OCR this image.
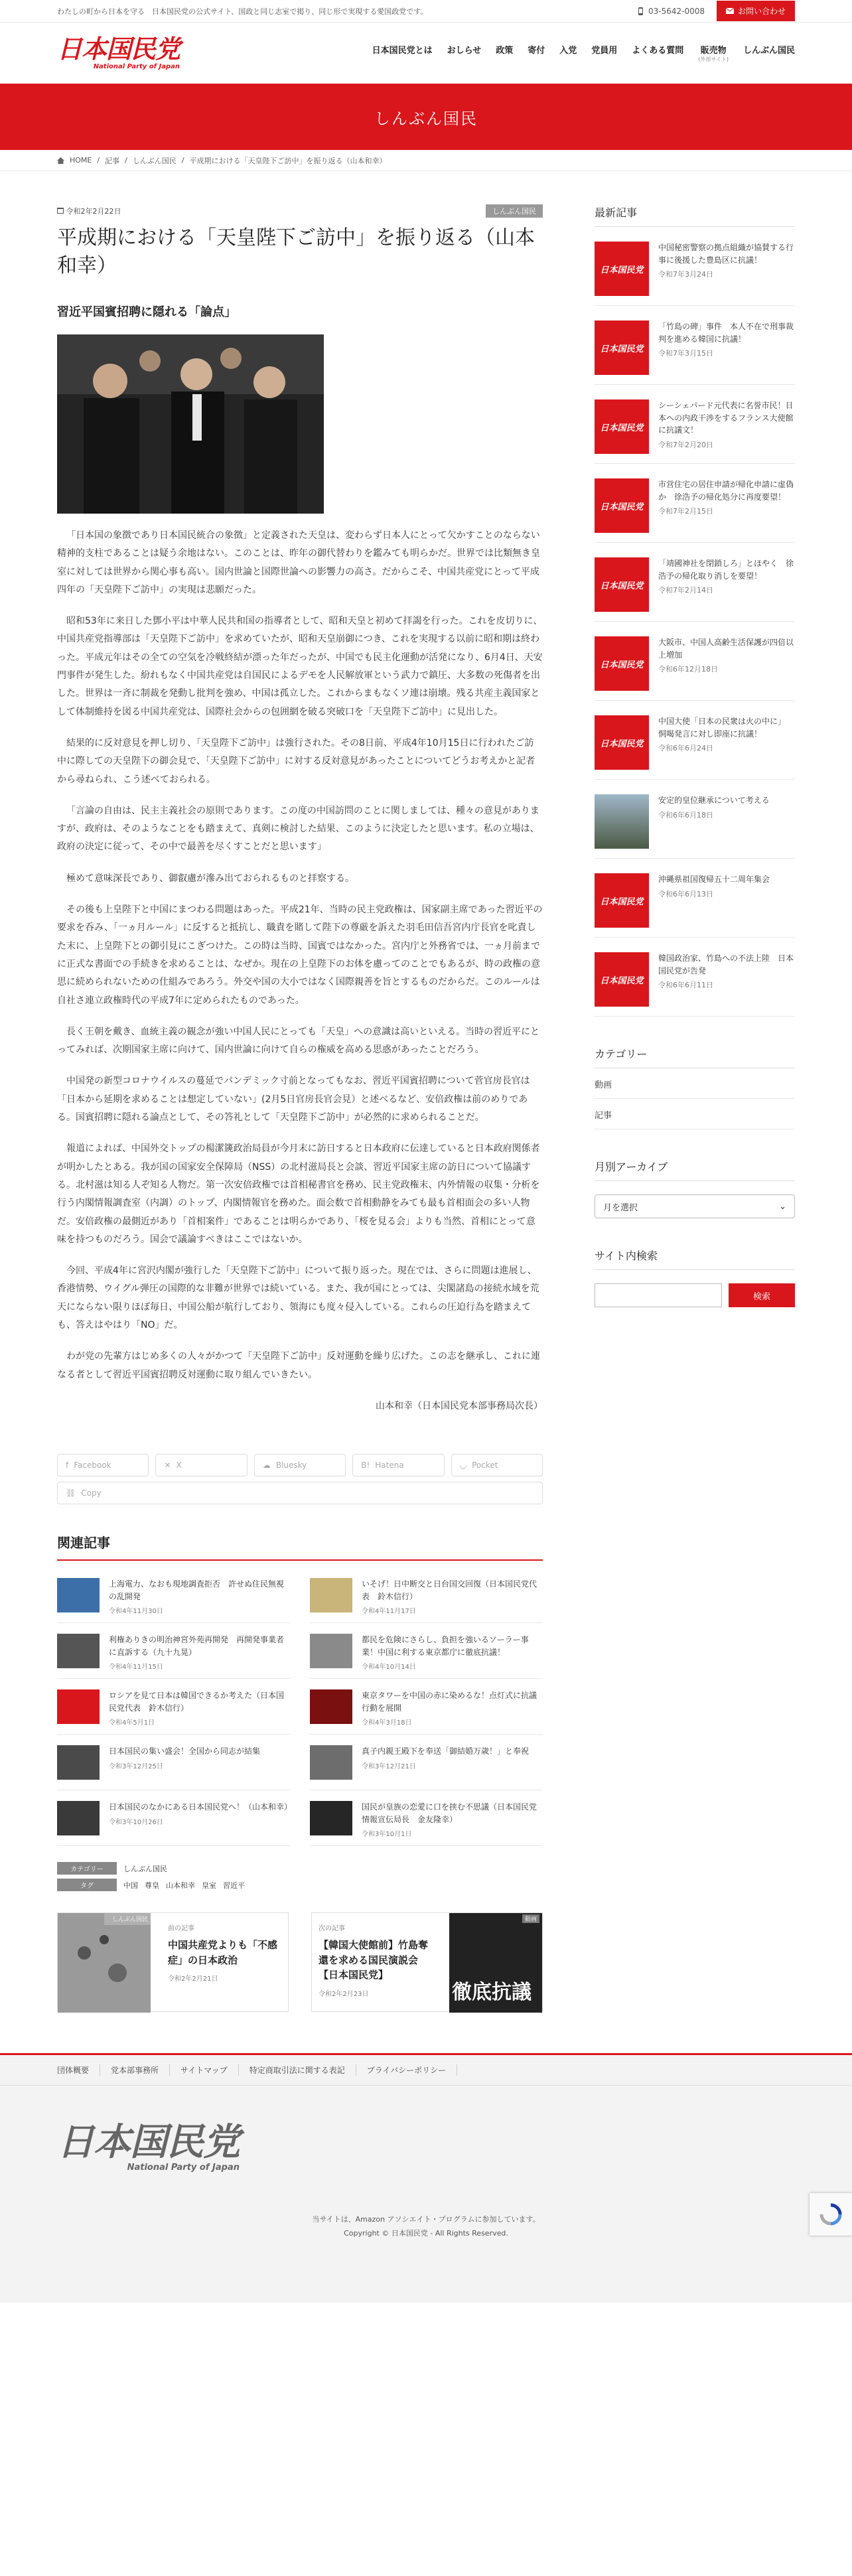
わたしの町から日本を守る　日本国民党の公式サイト、国政と同じ志室で掲り、同じ形で実現する愛国政党です。	03-5642-0008	お問い合わせ
日本国民党
National Party of Japan
日本国民党とは おしらせ 政策 寄付 入党 党員用 よくある質問 販売物
(外部サイト)
しんぶん国民
しんぶん国民
HOME / 記事 / しんぶん国民 / 平成期における「天皇陛下ご訪中」を振り返る（山本和幸）
令和2年2月22日	しんぶん国民
平成期における「天皇陛下ご訪中」を振り返る（山本和幸）
習近平国賓招聘に隠れる「論点」

「日本国の象徴であり日本国民統合の象徴」と定義された天皇は、変わらず日本人にとって欠かすことのならない精神的支柱であることは疑う余地はない。このことは、昨年の御代替わりを鑑みても明らかだ。世界では比類無き皇室に対しては世界から関心事も高い。国内世論と国際世論への影響力の高さ。だからこそ、中国共産党にとって平成四年の「天皇陛下ご訪中」の実現は悲願だった。

昭和53年に来日した鄧小平は中華人民共和国の指導者として、昭和天皇と初めて拝謁を行った。これを皮切りに、中国共産党指導部は「天皇陛下ご訪中」を求めていたが、昭和天皇崩御につき、これを実現する以前に昭和期は終わった。平成元年はその全ての空気を冷戦終結が漂った年だったが、中国でも民主化運動が活発になり、6月4日、天安門事件が発生した。紛れもなく中国共産党は自国民によるデモを人民解放軍という武力で鎮圧、大多数の死傷者を出した。世界は一斉に制裁を発動し批判を強め、中国は孤立した。これからまもなくソ連は崩壊。残る共産主義国家として体制維持を図る中国共産党は、国際社会からの包囲網を破る突破口を「天皇陛下ご訪中」に見出した。

結果的に反対意見を押し切り、「天皇陛下ご訪中」は強行された。その8日前、平成4年10月15日に行われたご訪中に際しての天皇陛下の御会見で、「天皇陛下ご訪中」に対する反対意見があったことについてどうお考えかと記者から尋ねられ、こう述べておられる。

「言論の自由は、民主主義社会の原則であります。この度の中国訪問のことに関しましては、種々の意見がありますが、政府は、そのようなことをも踏まえて、真剣に検討した結果、このように決定したと思います。私の立場は、政府の決定に従って、その中で最善を尽くすことだと思います」

極めて意味深長であり、御叡慮が滲み出ておられるものと拝察する。

その後も上皇陛下と中国にまつわる問題はあった。平成21年、当時の民主党政権は、国家副主席であった習近平の要求を呑み、「一ヵ月ルール」に反すると抵抗し、職責を賭して陛下の尊厳を訴えた羽毛田信吾宮内庁長官を叱責した末に、上皇陛下との御引見にこぎつけた。この時は当時、国賓ではなかった。宮内庁と外務省では、一ヵ月前までに正式な書面での手続きを求めることは、なぜか。現在の上皇陛下のお体を慮ってのことでもあるが、時の政権の意思に続められないための仕組みであろう。外交や国の大小ではなく国際親善を旨とするものだからだ。このルールは自社さ連立政権時代の平成7年に定められたものであった。

長く王朝を戴き、血統主義の観念が強い中国人民にとっても「天皇」への意識は高いといえる。当時の習近平にとってみれば、次期国家主席に向けて、国内世論に向けて自らの権威を高める思惑があったことだろう。

中国発の新型コロナウイルスの蔓延でパンデミック寸前となってもなお、習近平国賓招聘について菅官房長官は「日本から延期を求めることは想定していない」(2月5日官房長官会見）と述べるなど、安倍政権は前のめりである。国賓招聘に隠れる論点として、その答礼として「天皇陛下ご訪中」が必然的に求められることだ。

報道によれば、中国外交トップの楊潔篪政治局員が今月末に訪日すると日本政府に伝達していると日本政府関係者が明かしたとある。我が国の国家安全保障局（NSS）の北村滋局長と会談、習近平国家主席の訪日について協議する。北村滋は知る人ぞ知る人物だ。第一次安倍政権では首相秘書官を務め、民主党政権末、内外情報の収集・分析を行う内閣情報調査室（内調）のトップ、内閣情報官を務めた。面会数で首相動静をみても最も首相面会の多い人物だ。安倍政権の最側近があり「首相案件」であることは明らかであり、「桜を見る会」よりも当然、首相にとって意味を持つものだろう。国会で議論すべきはここではないか。

今回、平成4年に宮沢内閣が強行した「天皇陛下ご訪中」について振り返った。現在では、さらに問題は進展し、香港情勢、ウイグル弾圧の国際的な非難が世界では続いている。また、我が国にとっては、尖閣諸島の接続水域を荒天にならない限りほぼ毎日、中国公船が航行しており、領海にも度々侵入している。これらの圧迫行為を踏まえても、答えはやはり「NO」だ。

わが党の先輩方はじめ多くの人々がかつて「天皇陛下ご訪中」反対運動を繰り広げた。この志を継承し、これに連なる者として習近平国賓招聘反対運動に取り組んでいきたい。

山本和幸（日本国民党本部事務局次長）

f Facebook	✕ X	☁ Bluesky	B! Hatena	◡ Pocket
⛓ Copy
関連記事
上海電力、なおも現地調査拒否　許せぬ住民無視の乱開発
令和4年11月30日
いそげ！日中断交と日台国交回復（日本国民党代表　鈴木信行）
令和4年11月17日
利権ありきの明治神宮外苑再開発　再開発事業者に直訴する（九十九晃）
令和4年11月15日
都民を危険にさらし、負担を強いるソーラー事業！中国に利する東京都庁に徹底抗議！
令和4年10月14日
ロシアを見て日本は韓国できるか考えた（日本国民党代表　鈴木信行）
令和4年5月1日
東京タワーを中国の赤に染めるな！点灯式に抗議行動を展開
令和4年3月18日
日本国民の集い盛会！全国から同志が結集
令和3年12月25日
真子内親王殿下を奉送「御結婚万歳！」と奉祝
令和3年12月21日
日本国民のなかにある日本国民党へ！（山本和幸）
令和3年10月26日
国民が皇族の恋愛に口を挟む不思議（日本国民党情報宣伝局長　金友隆幸）
令和3年10月1日
カテゴリー	しんぶん国民
タグ	中国 尊皇 山本和幸 皇室 習近平
しんぶん国民
前の記事
中国共産党よりも「不感症」の日本政治
令和2年2月21日
次の記事
【韓国大使館前】竹島奪還を求める国民演説会【日本国民党】
令和2年2月23日
動画
徹底抗議
最新記事
日本国民党
中国秘密警察の拠点組織が協賛する行事に後援した豊島区に抗議！
令和7年3月24日
日本国民党
「竹島の碑」事件　本人不在で刑事裁判を進める韓国に抗議！
令和7年3月15日
日本国民党
シーシェパード元代表に名誉市民！日本への内政干渉をするフランス大使館に抗議文！
令和7年2月20日
日本国民党
市営住宅の居住申請が帰化申請に虚偽か　徐浩予の帰化処分に再度要望！
令和7年2月15日
日本国民党
「靖國神社を閉鎖しろ」とほやく　徐浩予の帰化取り消しを要望！
令和7年2月14日
日本国民党
大阪市、中国人高齢生活保護が四倍以上増加
令和6年12月18日
日本国民党
中国大使「日本の民衆は火の中に」 恫喝発言に対し即座に抗議！
令和6年6月24日
安定的皇位継承について考える
令和6年6月18日
日本国民党
沖縄県祖国復帰五十二周年集会
令和6年6月13日
日本国民党
韓国政治家、竹島への不法上陸　日本国民党が告発
令和6年6月11日
カテゴリー
動画
記事
月別アーカイブ
月を選択	⌄
サイト内検索
検索
団体概要	党本部事務所	サイトマップ	特定商取引法に関する表記	プライバシーポリシー
日本国民党
National Party of Japan
当サイトは、Amazon アソシエイト・プログラムに参加しています。
Copyright © 日本国民党 - All Rights Reserved.
